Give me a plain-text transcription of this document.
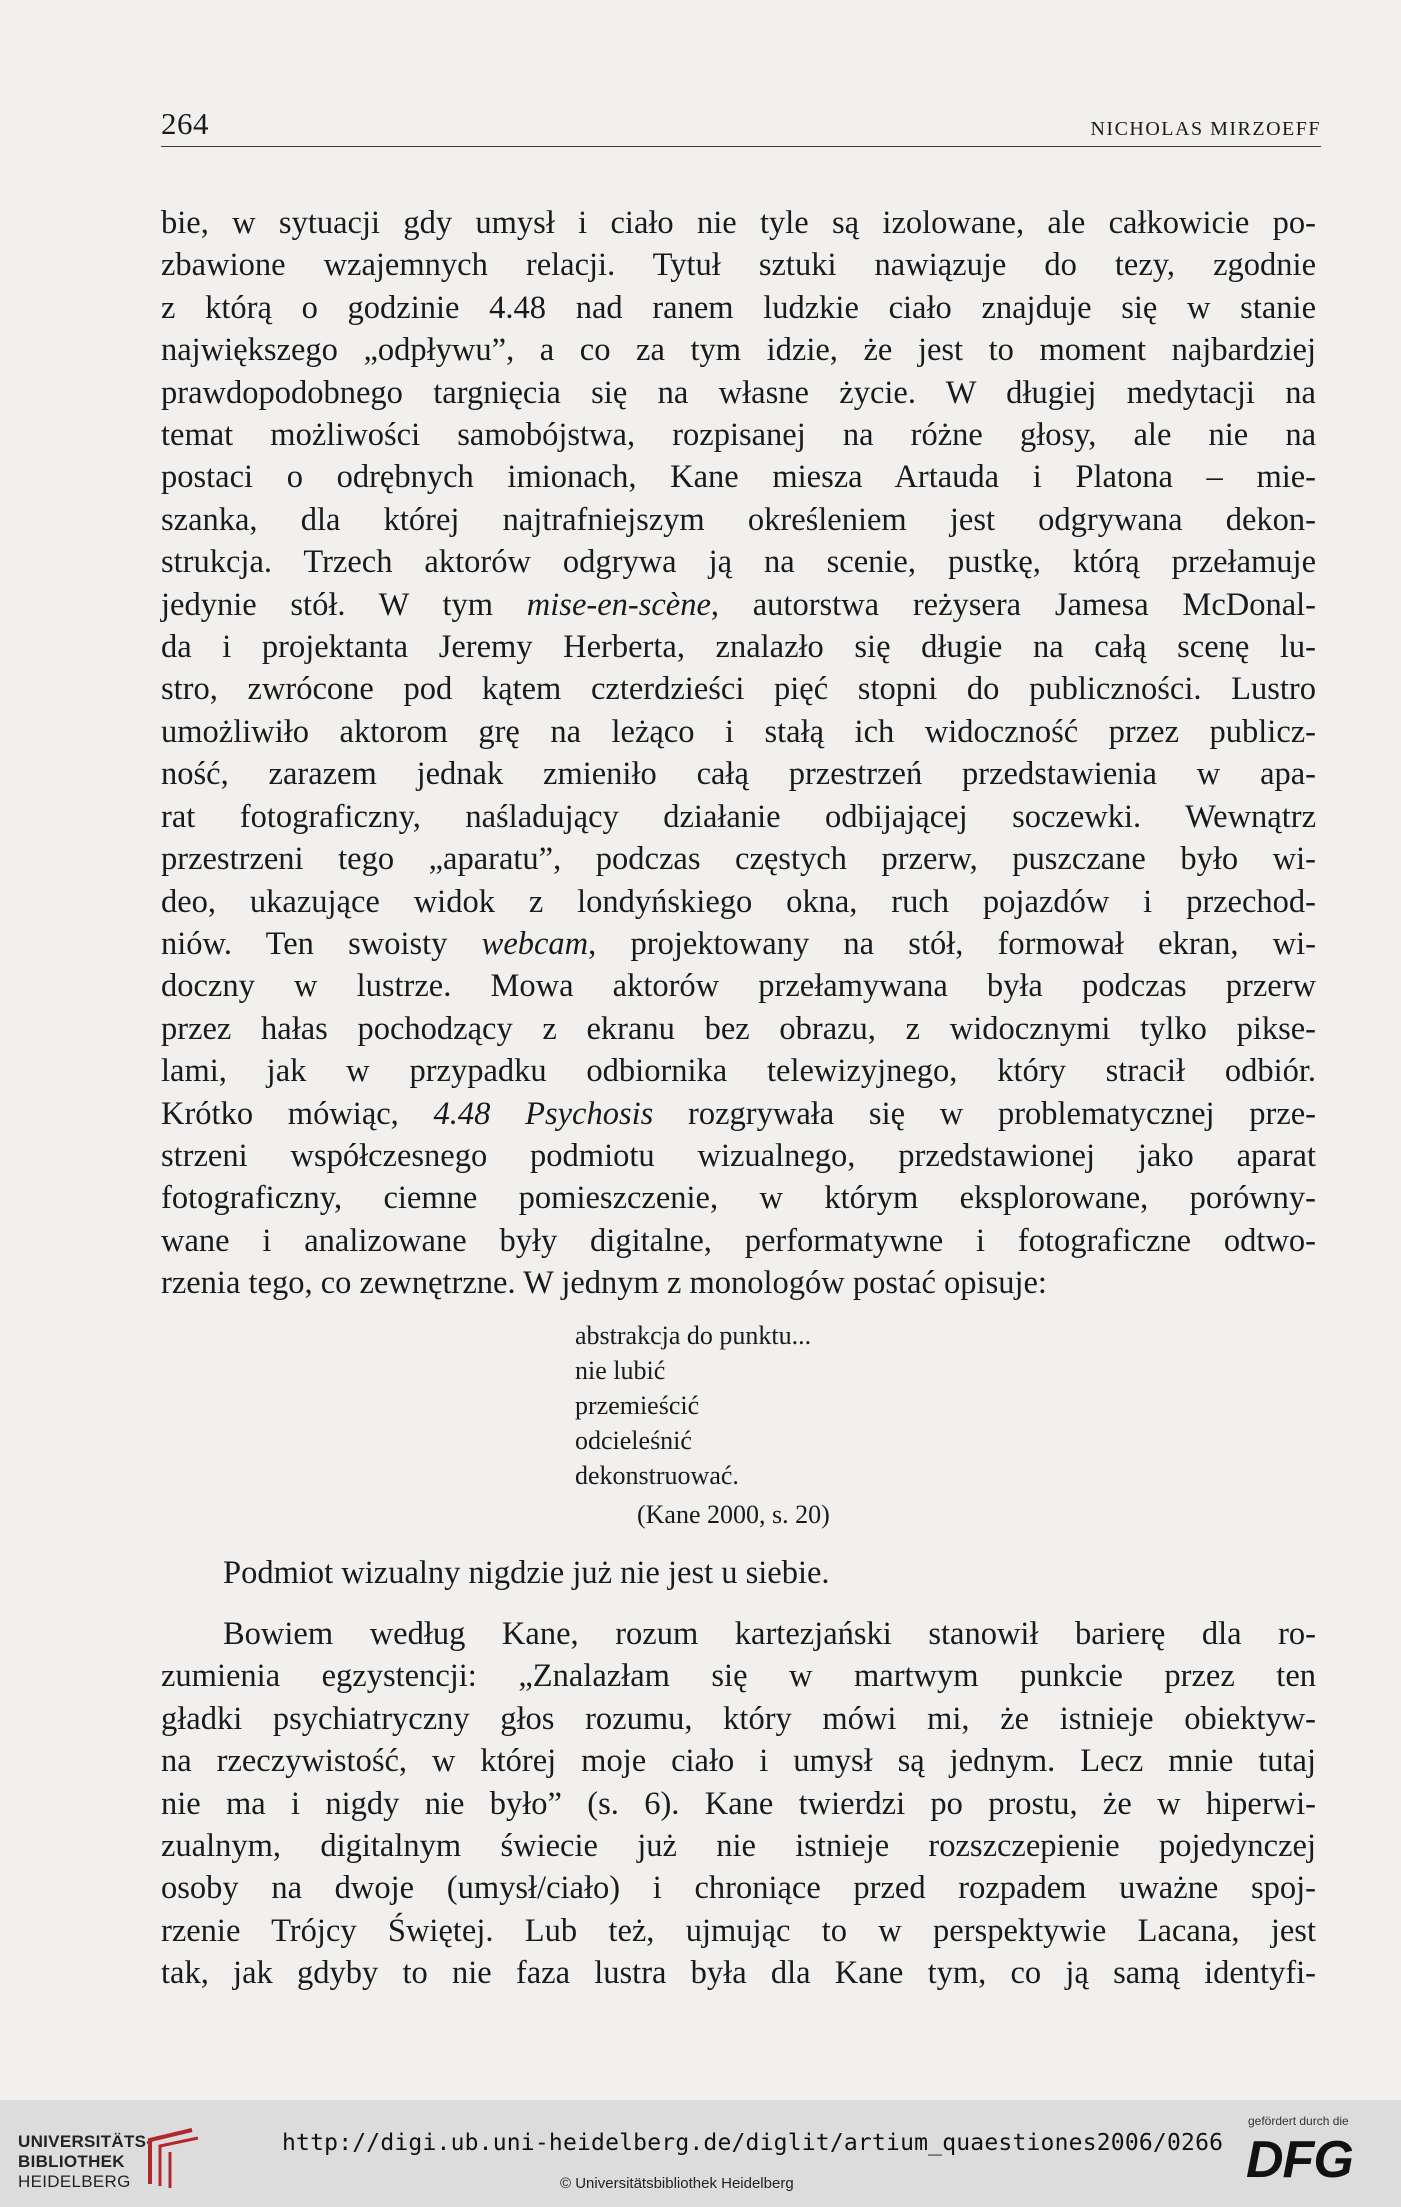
264	NICHOLAS MIRZOEFF

bie, w sytuacji gdy umysł i ciało nie tyle są izolowane, ale całkowicie po-
zbawione wzajemnych relacji. Tytuł sztuki nawiązuje do tezy, zgodnie
z którą o godzinie 4.48 nad ranem ludzkie ciało znajduje się w stanie
największego „odpływu”, a co za tym idzie, że jest to moment najbardziej
prawdopodobnego targnięcia się na własne życie. W długiej medytacji na
temat możliwości samobójstwa, rozpisanej na różne głosy, ale nie na
postaci o odrębnych imionach, Kane miesza Artauda i Platona – mie-
szanka, dla której najtrafniejszym określeniem jest odgrywana dekon-
strukcja. Trzech aktorów odgrywa ją na scenie, pustkę, którą przełamuje
jedynie stół. W tym mise-en-scène, autorstwa reżysera Jamesa McDonal-
da i projektanta Jeremy Herberta, znalazło się długie na całą scenę lu-
stro, zwrócone pod kątem czterdzieści pięć stopni do publiczności. Lustro
umożliwiło aktorom grę na leżąco i stałą ich widoczność przez publicz-
ność, zarazem jednak zmieniło całą przestrzeń przedstawienia w apa-
rat fotograficzny, naśladujący działanie odbijającej soczewki. Wewnątrz
przestrzeni tego „aparatu”, podczas częstych przerw, puszczane było wi-
deo, ukazujące widok z londyńskiego okna, ruch pojazdów i przechod-
niów. Ten swoisty webcam, projektowany na stół, formował ekran, wi-
doczny w lustrze. Mowa aktorów przełamywana była podczas przerw
przez hałas pochodzący z ekranu bez obrazu, z widocznymi tylko pikse-
lami, jak w przypadku odbiornika telewizyjnego, który stracił odbiór.
Krótko mówiąc, 4.48 Psychosis rozgrywała się w problematycznej prze-
strzeni współczesnego podmiotu wizualnego, przedstawionej jako aparat
fotograficzny, ciemne pomieszczenie, w którym eksplorowane, porówny-
wane i analizowane były digitalne, performatywne i fotograficzne odtwo-
rzenia tego, co zewnętrzne. W jednym z monologów postać opisuje:

abstrakcja do punktu...
nie lubić
przemieścić
odcieleśnić
dekonstruować.
(Kane 2000, s. 20)

Podmiot wizualny nigdzie już nie jest u siebie.

Bowiem według Kane, rozum kartezjański stanowił barierę dla ro-
zumienia egzystencji: „Znalazłam się w martwym punkcie przez ten
gładki psychiatryczny głos rozumu, który mówi mi, że istnieje obiektyw-
na rzeczywistość, w której moje ciało i umysł są jednym. Lecz mnie tutaj
nie ma i nigdy nie było” (s. 6). Kane twierdzi po prostu, że w hiperwi-
zualnym, digitalnym świecie już nie istnieje rozszczepienie pojedynczej
osoby na dwoje (umysł/ciało) i chroniące przed rozpadem uważne spoj-
rzenie Trójcy Świętej. Lub też, ujmując to w perspektywie Lacana, jest
tak, jak gdyby to nie faza lustra była dla Kane tym, co ją samą identyfi-

UNIVERSITÄTS-
BIBLIOTHEK
HEIDELBERG
http://digi.ub.uni-heidelberg.de/diglit/artium_quaestiones2006/0266
© Universitätsbibliothek Heidelberg
gefördert durch die
DFG
